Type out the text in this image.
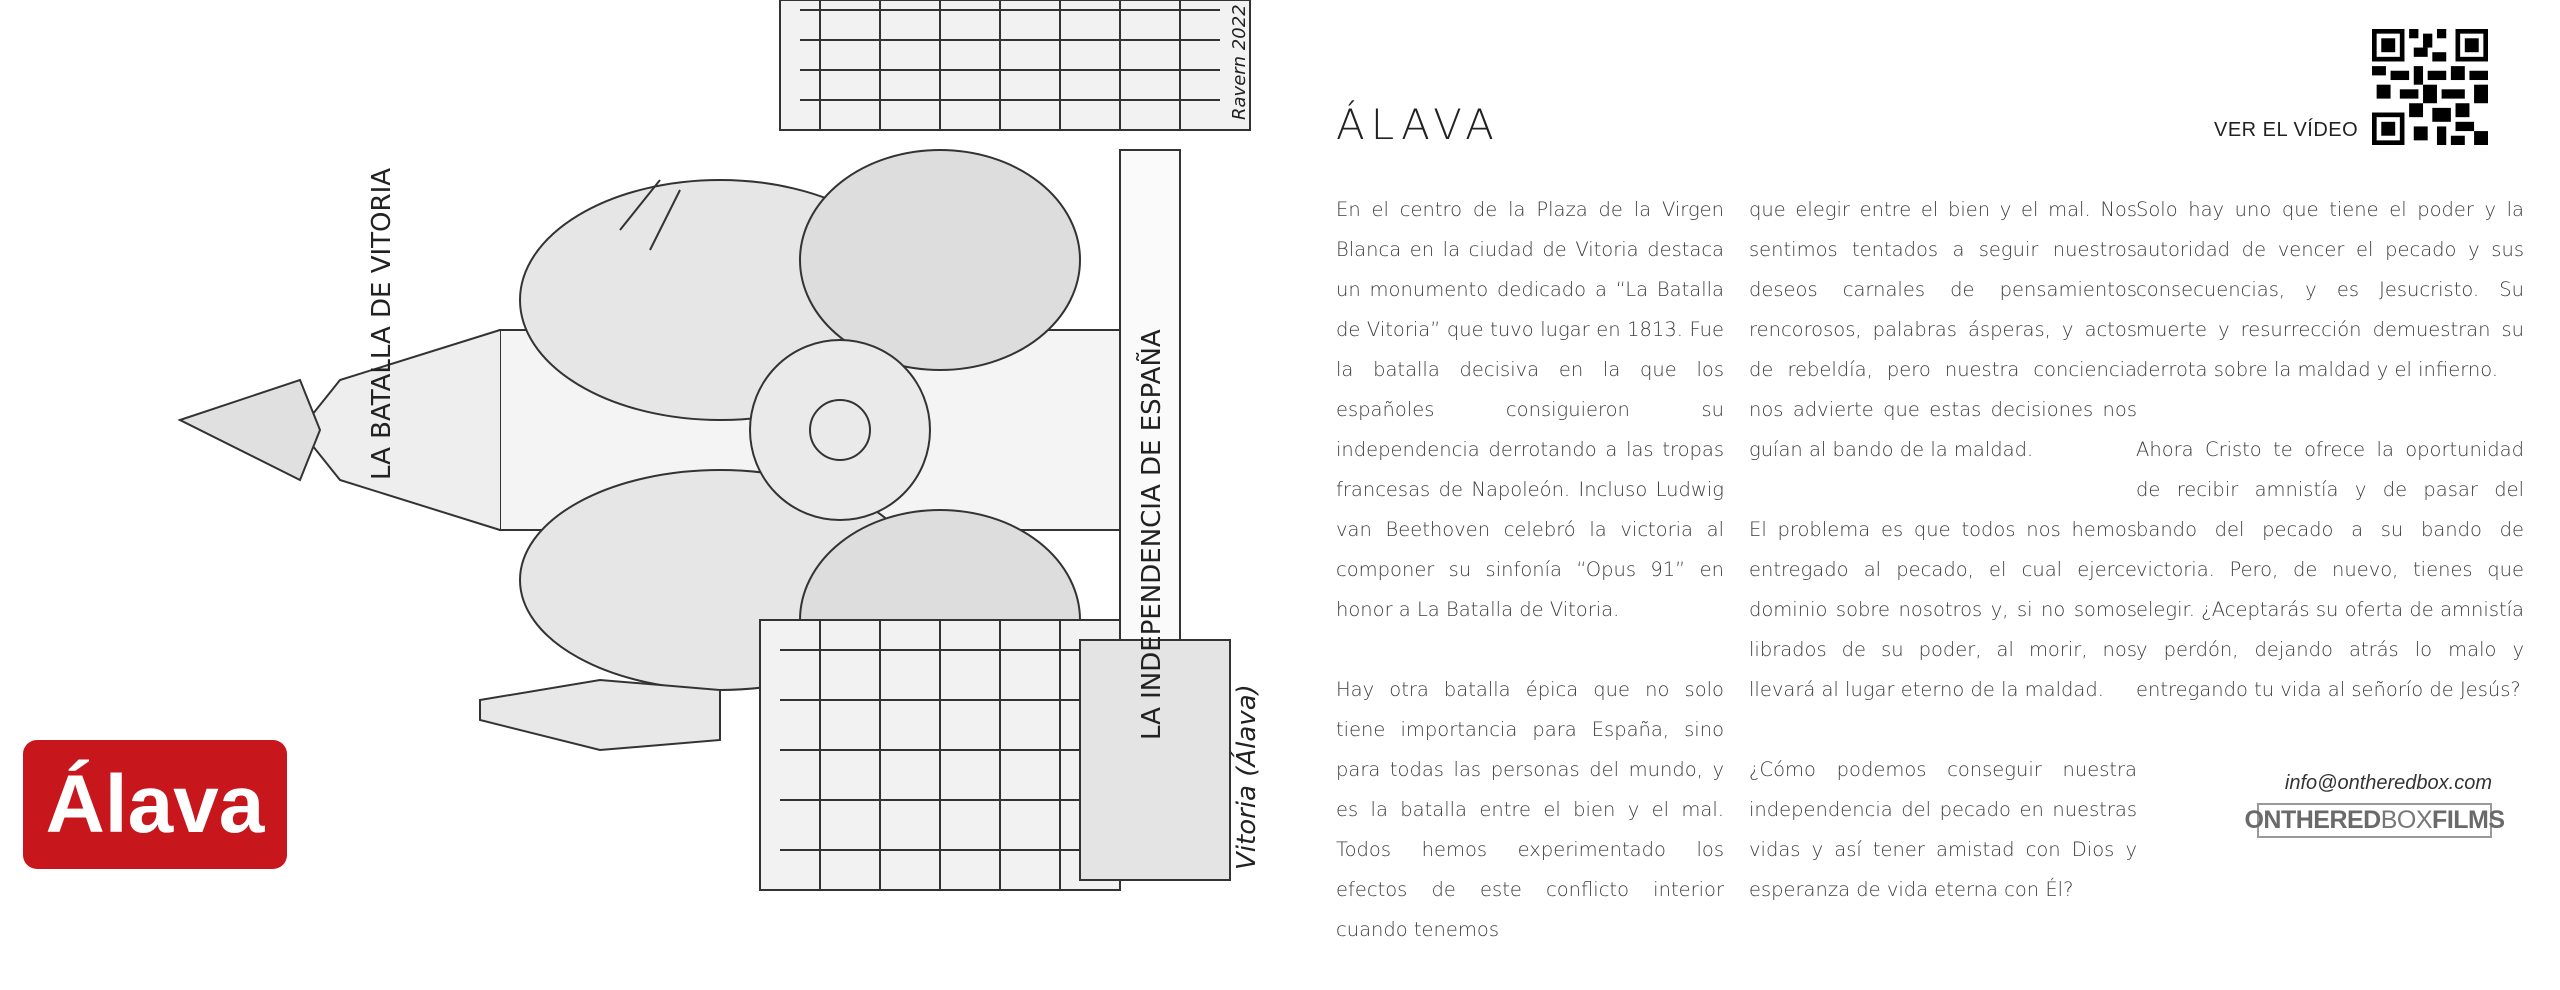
LA BATALLA DE VITORIA
LA INDEPENDENCIA DE ESPAÑA
Vitoria (Álava)
Ravern 2022
Álava
ÁLAVA	VER EL VÍDEO

En el centro de la Plaza de la Virgen Blanca en la ciudad de Vitoria destaca un monumento dedicado a “La Batalla de Vitoria” que tuvo lugar en 1813. Fue la batalla decisiva en la que los españoles consiguieron su independencia derrotando a las tropas francesas de Napoleón. Incluso Ludwig van Beethoven celebró la victoria al componer su sinfonía “Opus 91” en honor a La Batalla de Vitoria.

Hay otra batalla épica que no solo tiene importancia para España, sino para todas las personas del mundo, y es la batalla entre el bien y el mal. Todos hemos experimentado los efectos de este conflicto interior cuando tenemos

que elegir entre el bien y el mal. Nos sentimos tentados a seguir nuestros deseos carnales de pensamientos rencorosos, palabras ásperas, y actos de rebeldía, pero nuestra conciencia nos advierte que estas decisiones nos guían al bando de la maldad.

El problema es que todos nos hemos entregado al pecado, el cual ejerce dominio sobre nosotros y, si no somos librados de su poder, al morir, nos llevará al lugar eterno de la maldad.

¿Cómo podemos conseguir nuestra independencia del pecado en nuestras vidas y así tener amistad con Dios y esperanza de vida eterna con Él?

Solo hay uno que tiene el poder y la autoridad de vencer el pecado y sus consecuencias, y es Jesucristo. Su muerte y resurrección demuestran su derrota sobre la maldad y el infierno.

Ahora Cristo te ofrece la oportunidad de recibir amnistía y de pasar del bando del pecado a su bando de victoria. Pero, de nuevo, tienes que elegir. ¿Aceptarás su oferta de amnistía y perdón, dejando atrás lo malo y entregando tu vida al señorío de Jesús?

info@ontheredbox.com
ONTHE RED BOX FILMS
